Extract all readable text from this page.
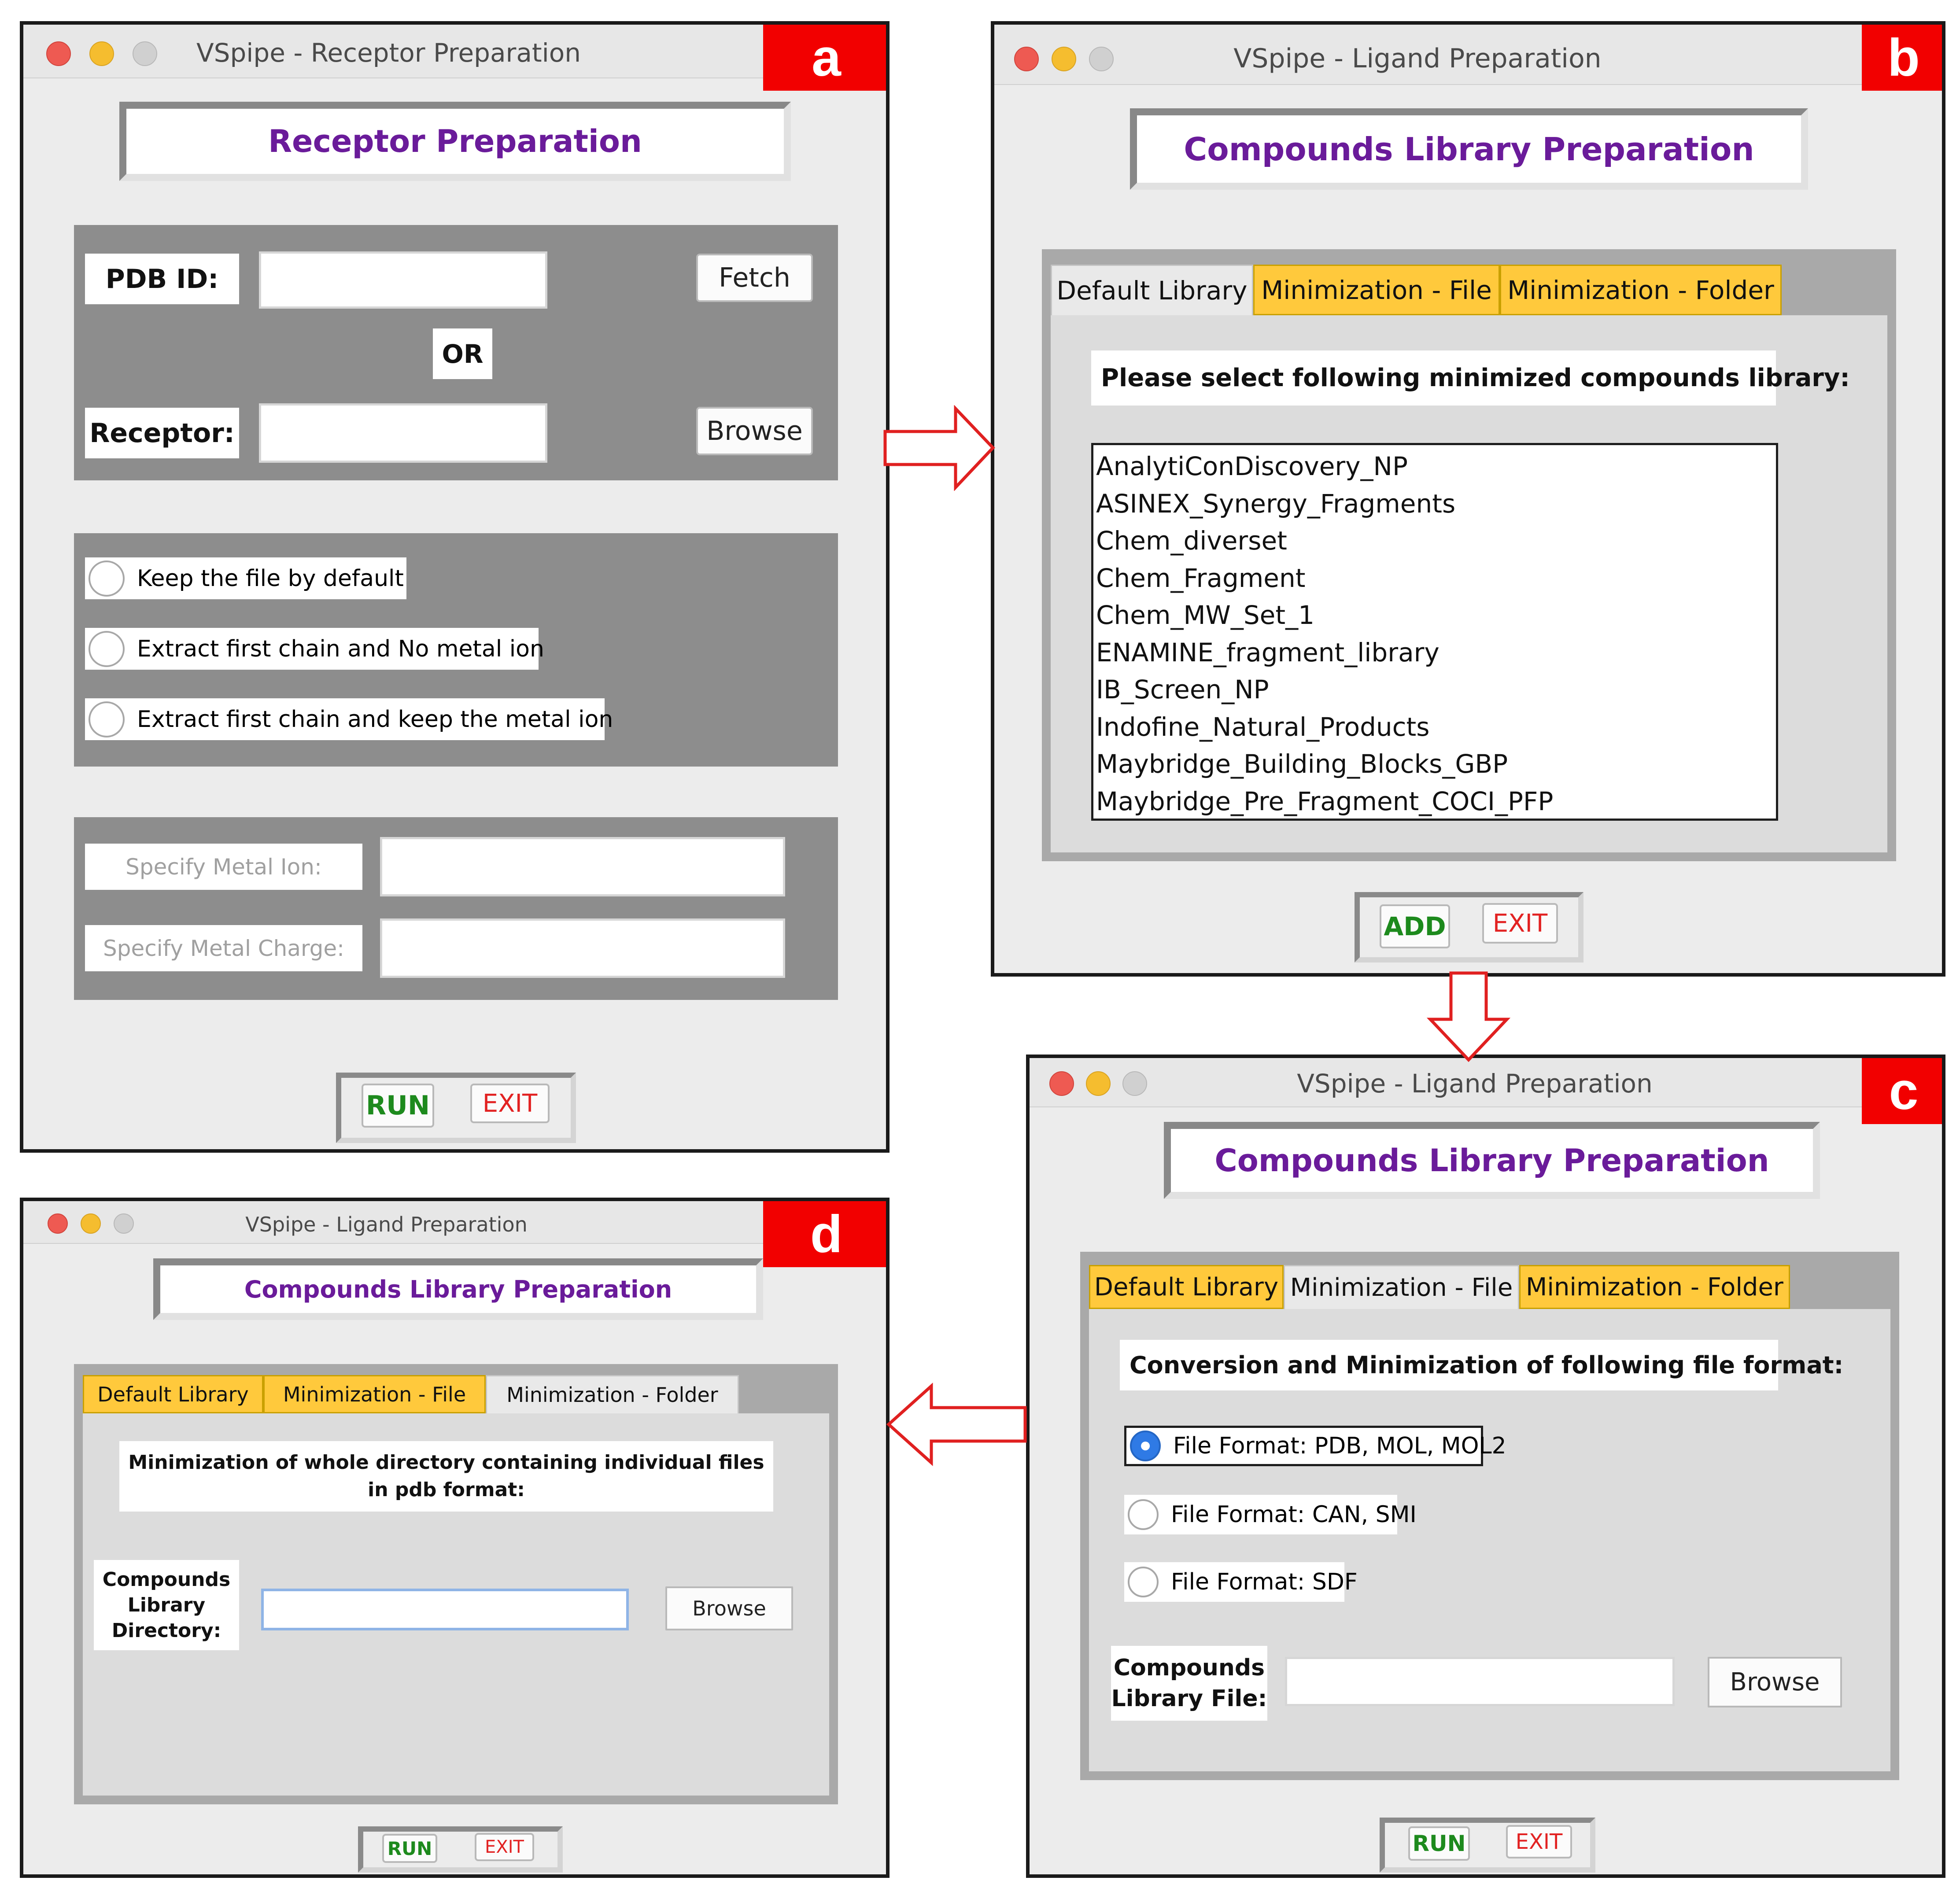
VSpipe - Receptor Preparation	a
Receptor Preparation
PDB ID:	Fetch
OR
Receptor:	Browse
Keep the file by default
Extract first chain and No metal ion
Extract first chain and keep the metal ion
Specify Metal Ion:
Specify Metal Charge:
RUN	EXIT
VSpipe - Ligand Preparation	b
Compounds Library Preparation
Default Library Minimization - File Minimization - Folder
Please select following minimized compounds library:
AnalytiConDiscovery_NP
ASINEX_Synergy_Fragments
Chem_diverset
Chem_Fragment
Chem_MW_Set_1
ENAMINE_fragment_library
IB_Screen_NP
Indofine_Natural_Products
Maybridge_Building_Blocks_GBP
Maybridge_Pre_Fragment_COCI_PFP
ADD	EXIT
VSpipe - Ligand Preparation	c
Compounds Library Preparation
Default Library Minimization - File Minimization - Folder
Conversion and Minimization of following file format:
File Format: PDB, MOL, MOL2
File Format: CAN, SMI
File Format: SDF
Compounds
Library File:
Browse
RUN	EXIT
VSpipe - Ligand Preparation	d
Compounds Library Preparation
Default Library	Minimization - File	Minimization - Folder
Minimization of whole directory containing individual files
in pdb format:
Compounds
Library
Directory:
Browse
RUN	EXIT
